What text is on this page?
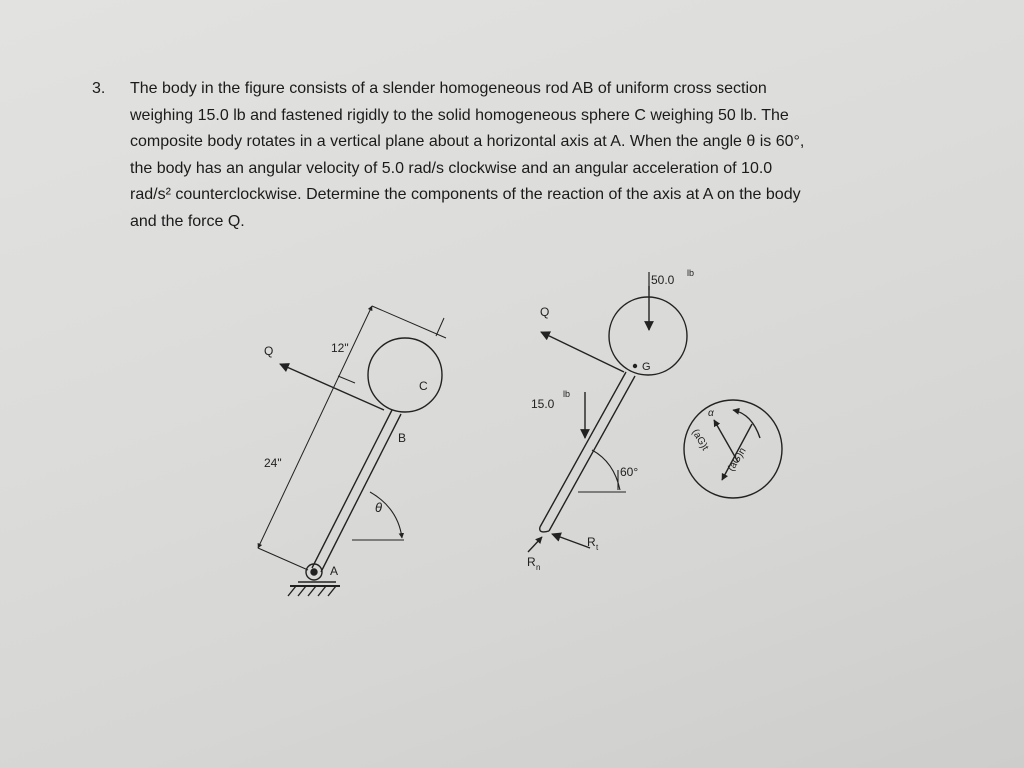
3. The body in the figure consists of a slender homogeneous rod AB of uniform cross section
weighing 15.0 lb and fastened rigidly to the solid homogeneous sphere C weighing 50 lb. The
composite body rotates in a vertical plane about a horizontal axis at A. When the angle θ is 60°,
the body has an angular velocity of 5.0 rad/s clockwise and an angular acceleration of 10.0
rad/s² counterclockwise. Determine the components of the reaction of the axis at A on the body
and the force Q.
Q	12"
24"
C
B
θ
A
Q
50.0 lb
G
15.0
lb
60°
R t
R n
α
(aG)t
(aG)n
